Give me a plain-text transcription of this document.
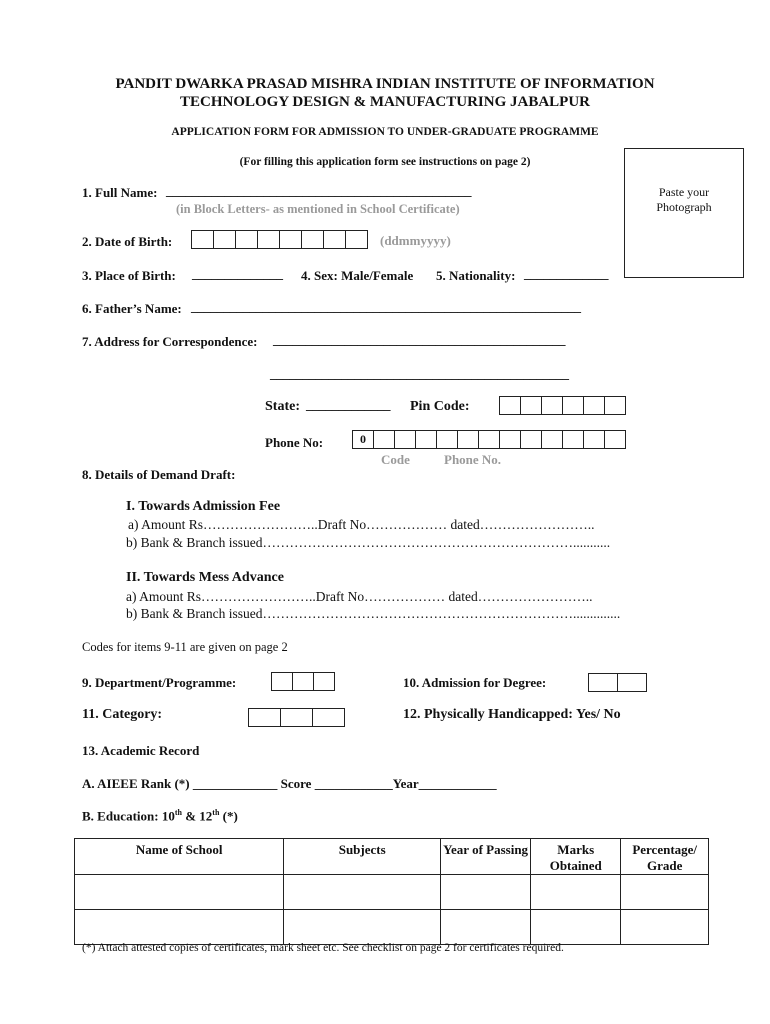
PANDIT DWARKA PRASAD MISHRA INDIAN INSTITUTE OF INFORMATION
TECHNOLOGY DESIGN & MANUFACTURING JABALPUR
APPLICATION FORM FOR ADMISSION TO UNDER-GRADUATE PROGRAMME
(For filling this application form see instructions on page 2)
Paste your
Photograph
1. Full Name: _______________________________________________
(in Block Letters- as mentioned in School Certificate)
2. Date of Birth:	(ddmmyyyy)
3. Place of Birth: ______________ 4. Sex: Male/Female 5. Nationality: _____________
6. Father’s Name: ____________________________________________________________
7. Address for Correspondence: _____________________________________________
______________________________________________
State: _____________ Pin Code:
Phone No:	0
Code	Phone No.
8. Details of Demand Draft:
I. Towards Admission Fee
a) Amount Rs……………………..Draft No……………… dated……………………..
b) Bank & Branch issued……………………………………………………………...........
II. Towards Mess Advance
a) Amount Rs……………………..Draft No……………… dated……………………..
b) Bank & Branch issued……………………………………………………………..............
Codes for items 9-11 are given on page 2
9. Department/Programme:	10. Admission for Degree:
11. Category:	12. Physically Handicapped: Yes/ No
13. Academic Record
A. AIEEE Rank (*) _____________ Score ____________Year____________
B. Education: 10th & 12th (*)
Name of School	Subjects	Year of Passing	Marks Obtained	Percentage/ Grade

(*) Attach attested copies of certificates, mark sheet etc. See checklist on page 2 for certificates required.
